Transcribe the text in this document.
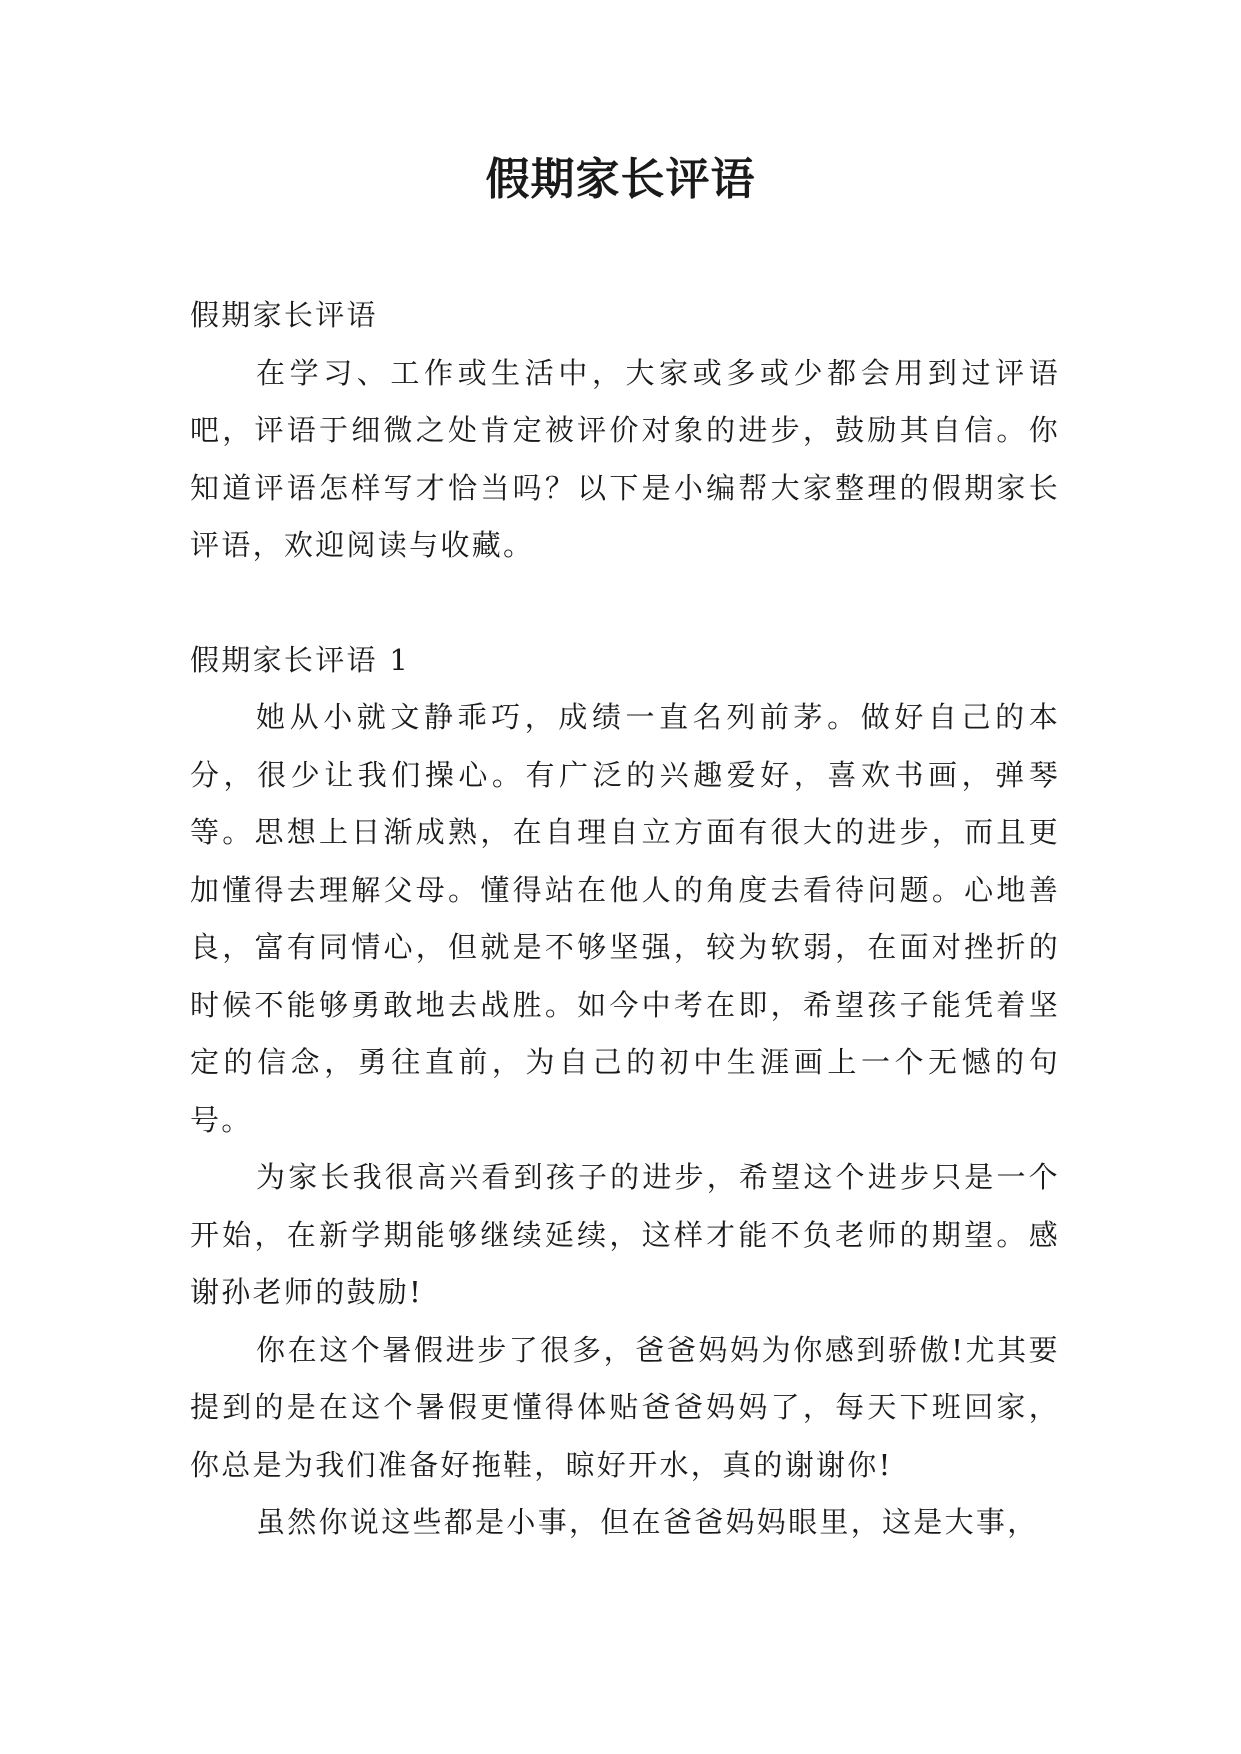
假期家长评语

假期家长评语

在学习、工作或生活中，大家或多或少都会用到过评语吧，评语于细微之处肯定被评价对象的进步，鼓励其自信。你知道评语怎样写才恰当吗？以下是小编帮大家整理的假期家长评语，欢迎阅读与收藏。

假期家长评语 1

她从小就文静乖巧，成绩一直名列前茅。做好自己的本分，很少让我们操心。有广泛的兴趣爱好，喜欢书画，弹琴等。思想上日渐成熟，在自理自立方面有很大的进步，而且更加懂得去理解父母。懂得站在他人的角度去看待问题。心地善良，富有同情心，但就是不够坚强，较为软弱，在面对挫折的时候不能够勇敢地去战胜。如今中考在即，希望孩子能凭着坚定的信念，勇往直前，为自己的初中生涯画上一个无憾的句号。

为家长我很高兴看到孩子的进步，希望这个进步只是一个开始，在新学期能够继续延续，这样才能不负老师的期望。感谢孙老师的鼓励!

你在这个暑假进步了很多，爸爸妈妈为你感到骄傲!尤其要提到的是在这个暑假更懂得体贴爸爸妈妈了，每天下班回家，你总是为我们准备好拖鞋，晾好开水，真的谢谢你!

虽然你说这些都是小事，但在爸爸妈妈眼里，这是大事，
